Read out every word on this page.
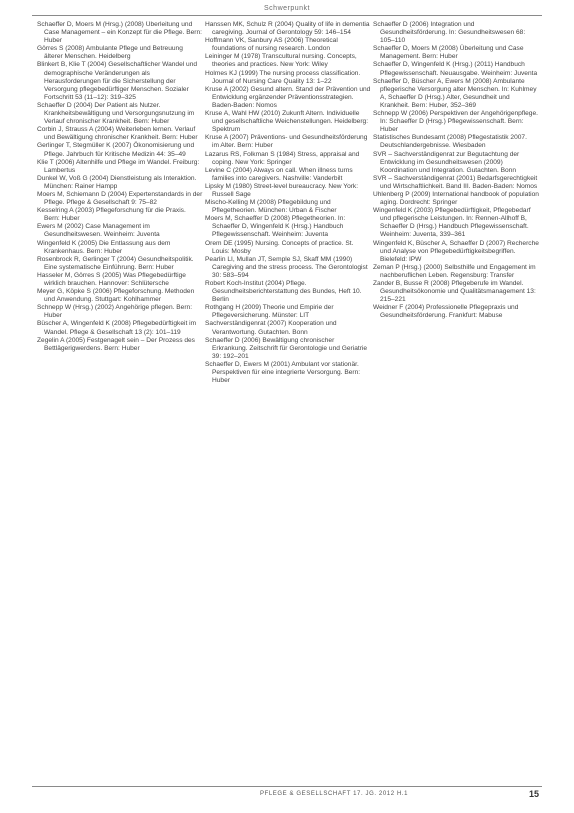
Schwerpunkt

Schaeffer D, Moers M (Hrsg.) (2008) Überleitung und Case Management – ein Konzept für die Pflege. Bern: Huber

Görres S (2008) Ambulante Pflege und Betreuung älterer Menschen. Heidelberg

Blinkert B, Klie T (2004) Gesellschaftlicher Wandel und demographische Veränderungen als Herausforderungen für die Sicherstellung der Versorgung pflegebedürftiger Menschen. Sozialer Fortschritt 53 (11–12): 319–325

Schaeffer D (2004) Der Patient als Nutzer. Krankheitsbewältigung und Versorgungsnutzung im Verlauf chronischer Krankheit. Bern: Huber

Corbin J, Strauss A (2004) Weiterleben lernen. Verlauf und Bewältigung chronischer Krankheit. Bern: Huber

Gerlinger T, Stegmüller K (2007) Ökonomisierung und Pflege. Jahrbuch für Kritische Medizin 44: 35–49

Klie T (2006) Altenhilfe und Pflege im Wandel. Freiburg: Lambertus

Dunkel W, Voß G (2004) Dienstleistung als Interaktion. München: Rainer Hampp

Moers M, Schiemann D (2004) Expertenstandards in der Pflege. Pflege & Gesellschaft 9: 75–82

Kesselring A (2003) Pflegeforschung für die Praxis. Bern: Huber

Ewers M (2002) Case Management im Gesundheitswesen. Weinheim: Juventa

Wingenfeld K (2005) Die Entlassung aus dem Krankenhaus. Bern: Huber

Rosenbrock R, Gerlinger T (2004) Gesundheitspolitik. Eine systematische Einführung. Bern: Huber

Hasseler M, Görres S (2005) Was Pflegebedürftige wirklich brauchen. Hannover: Schlütersche

Meyer G, Köpke S (2006) Pflegeforschung. Methoden und Anwendung. Stuttgart: Kohlhammer

Schnepp W (Hrsg.) (2002) Angehörige pflegen. Bern: Huber

Büscher A, Wingenfeld K (2008) Pflegebedürftigkeit im Wandel. Pflege & Gesellschaft 13 (2): 101–119

Zegelin A (2005) Festgenagelt sein – Der Prozess des Bettlägerigwerdens. Bern: Huber

Hanssen MK, Schulz R (2004) Quality of life in dementia caregiving. Journal of Gerontology 59: 146–154

Hoffmann VK, Sanbury AS (2006) Theoretical foundations of nursing research. London

Leininger M (1978) Transcultural nursing. Concepts, theories and practices. New York: Wiley

Holmes KJ (1999) The nursing process classification. Journal of Nursing Care Quality 13: 1–22

Kruse A (2002) Gesund altern. Stand der Prävention und Entwicklung ergänzender Präventionsstrategien. Baden-Baden: Nomos

Kruse A, Wahl HW (2010) Zukunft Altern. Individuelle und gesellschaftliche Weichenstellungen. Heidelberg: Spektrum

Kruse A (2007) Präventions- und Gesundheitsförderung im Alter. Bern: Huber

Lazarus RS, Folkman S (1984) Stress, appraisal and coping. New York: Springer

Levine C (2004) Always on call. When illness turns families into caregivers. Nashville: Vanderbilt

Lipsky M (1980) Street-level bureaucracy. New York: Russell Sage

Mischo-Kelling M (2008) Pflegebildung und Pflegetheorien. München: Urban & Fischer

Moers M, Schaeffer D (2008) Pflegetheorien. In: Schaeffer D, Wingenfeld K (Hrsg.) Handbuch Pflegewissenschaft. Weinheim: Juventa

Orem DE (1995) Nursing. Concepts of practice. St. Louis: Mosby

Pearlin LI, Mullan JT, Semple SJ, Skaff MM (1990) Caregiving and the stress process. The Gerontologist 30: 583–594

Robert Koch-Institut (2004) Pflege. Gesundheitsberichterstattung des Bundes, Heft 10. Berlin

Rothgang H (2009) Theorie und Empirie der Pflegeversicherung. Münster: LIT

Sachverständigenrat (2007) Kooperation und Verantwortung. Gutachten. Bonn

Schaeffer D (2006) Bewältigung chronischer Erkrankung. Zeitschrift für Gerontologie und Geriatrie 39: 192–201

Schaeffer D, Ewers M (2001) Ambulant vor stationär. Perspektiven für eine integrierte Versorgung. Bern: Huber

Schaeffer D (2006) Integration und Gesundheitsförderung. In: Gesundheitswesen 68: 105–110

Schaeffer D, Moers M (2008) Überleitung und Case Management. Bern: Huber

Schaeffer D, Wingenfeld K (Hrsg.) (2011) Handbuch Pflegewissenschaft. Neuausgabe. Weinheim: Juventa

Schaeffer D, Büscher A, Ewers M (2008) Ambulante pflegerische Versorgung alter Menschen. In: Kuhlmey A, Schaeffer D (Hrsg.) Alter, Gesundheit und Krankheit. Bern: Huber, 352–369

Schnepp W (2006) Perspektiven der Angehörigenpflege. In: Schaeffer D (Hrsg.) Pflegewissenschaft. Bern: Huber

Statistisches Bundesamt (2008) Pflegestatistik 2007. Deutschlandergebnisse. Wiesbaden

SVR – Sachverständigenrat zur Begutachtung der Entwicklung im Gesundheitswesen (2009) Koordination und Integration. Gutachten. Bonn

SVR – Sachverständigenrat (2001) Bedarfsgerechtigkeit und Wirtschaftlichkeit. Band III. Baden-Baden: Nomos

Uhlenberg P (2009) International handbook of population aging. Dordrecht: Springer

Wingenfeld K (2003) Pflegebedürftigkeit, Pflegebedarf und pflegerische Leistungen. In: Rennen-Allhoff B, Schaeffer D (Hrsg.) Handbuch Pflegewissenschaft. Weinheim: Juventa, 339–361

Wingenfeld K, Büscher A, Schaeffer D (2007) Recherche und Analyse von Pflegebedürftigkeitsbegriffen. Bielefeld: IPW

Zeman P (Hrsg.) (2000) Selbsthilfe und Engagement im nachberuflichen Leben. Regensburg: Transfer

Zander B, Busse R (2008) Pflegeberufe im Wandel. Gesundheitsökonomie und Qualitätsmanagement 13: 215–221

Weidner F (2004) Professionelle Pflegepraxis und Gesundheitsförderung. Frankfurt: Mabuse

PFLEGE & GESELLSCHAFT 17. JG. 2012 H.1	15
